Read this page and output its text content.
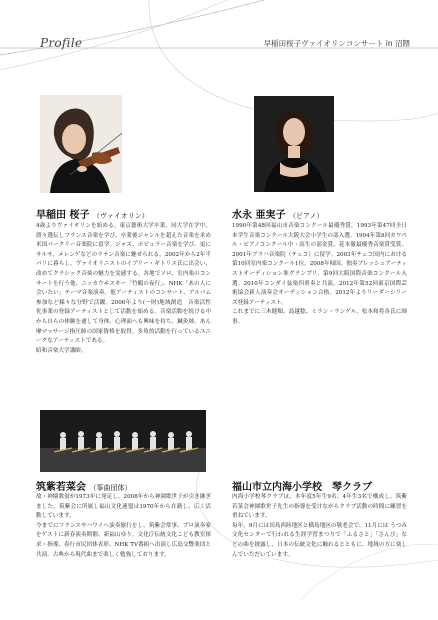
Profile	早稲田桜子ヴァイオリンコンサート in 沼隈
早稲田 桜子 （ヴァイオリン）

4歳よりヴァイオリンを始める。東京藝術大学卒業。同大学在学中、渡々選伝しフランス音楽を学び、卒業後ジャンルを超えた音楽を求め米国バークリー音楽院に留学。ジャズ、ポピュラー音楽を学び、更にサルサ、メレンゲなどのラテン音楽に魅せられる。2002年から2年半パリに暮らし、ヴァイオリニストのイブリー・ギトリス氏に出会い、改めてクラシック音楽の魅力を実感する。各地でソロ、室内楽のコンサートを行う他、ニッカウヰスキー「竹鶴の夜行」、NHK「あの人に会いたい」テーマ音楽演奏、他アーティストのコンサート、アルバム参加など様々な分野で活躍。2006年より(一財)地域創造　音楽活性化事業の登録アーティストとして活動を始める。音楽活動を続ける中から自らの体験を通して身体、心理面へも興味を持ち、鍼灸師、あん摩マッサージ指圧師の国家資格を取得。多角的活動を行っているユニークなアーティストである。

昭和音楽大学講師。

水永 亜実子 （ピアノ）

1990年第48回福山市音楽コンクール最優秀賞。1993年第47回全日本学生音楽コンクール大阪大会小学生の部入選。1994年第8回カワペル・ピアノコンクール中・高生の部金賞、花本徹最優秀音楽賞受賞。2001年ブラハ音楽院（チェコ）に留学。2003年チェコ国内における第10回室内楽コンクール1位。2008年帰国。独奏ブレッシュアーティストオーディション准グランプリ、第9回大阪国際音楽コンクール入選。2010年コンダイ弦楽四重奏と共演。2012年第52回東京国際芸術協会新人演奏会オーディション合格。2012年よりリーダーシリーズ登録アーティスト。

これまでに三木健順、島越稔、ミラン・ランゲル、松本和将各氏に師事。

筑紫若菜会 （筝曲団体）

故・神園歌蛍が1973年に発足し、2008年から神園歌世子が引き継ぎました。筑紫会に所属し福山文化連盟は1970年から在籍し、広く活動しています。

今までにフランスやハワイへ演奏旅行をし、筑紫会常事、プロ演奏家をゲストに新春演奏開催、新福山ゆり。文化庁伝統文化こども教室探求・指導、春行市民団体表彰、NHK TV番組へ出演し広島交響楽団と共演。古典から現代曲まで楽しく勉強しております。

福山市立内海小学校　琴クラブ

内海小学校琴クラブは、本年度5年生9名、4年生3名で構成し、筑紫若菜会神園歌世子先生の指導を受けながらクラブ活動の時間に練習を重ねています。

毎年、9月には田島西陸地区と横島地区の敬老会で、11月には うつみ文化センターで行われる生涯学習まつりで「ふるさと」「さんぴ」などの曲を披露し、日本の伝統文化に触れるとともに、地域の方に楽しんでいただいています。
